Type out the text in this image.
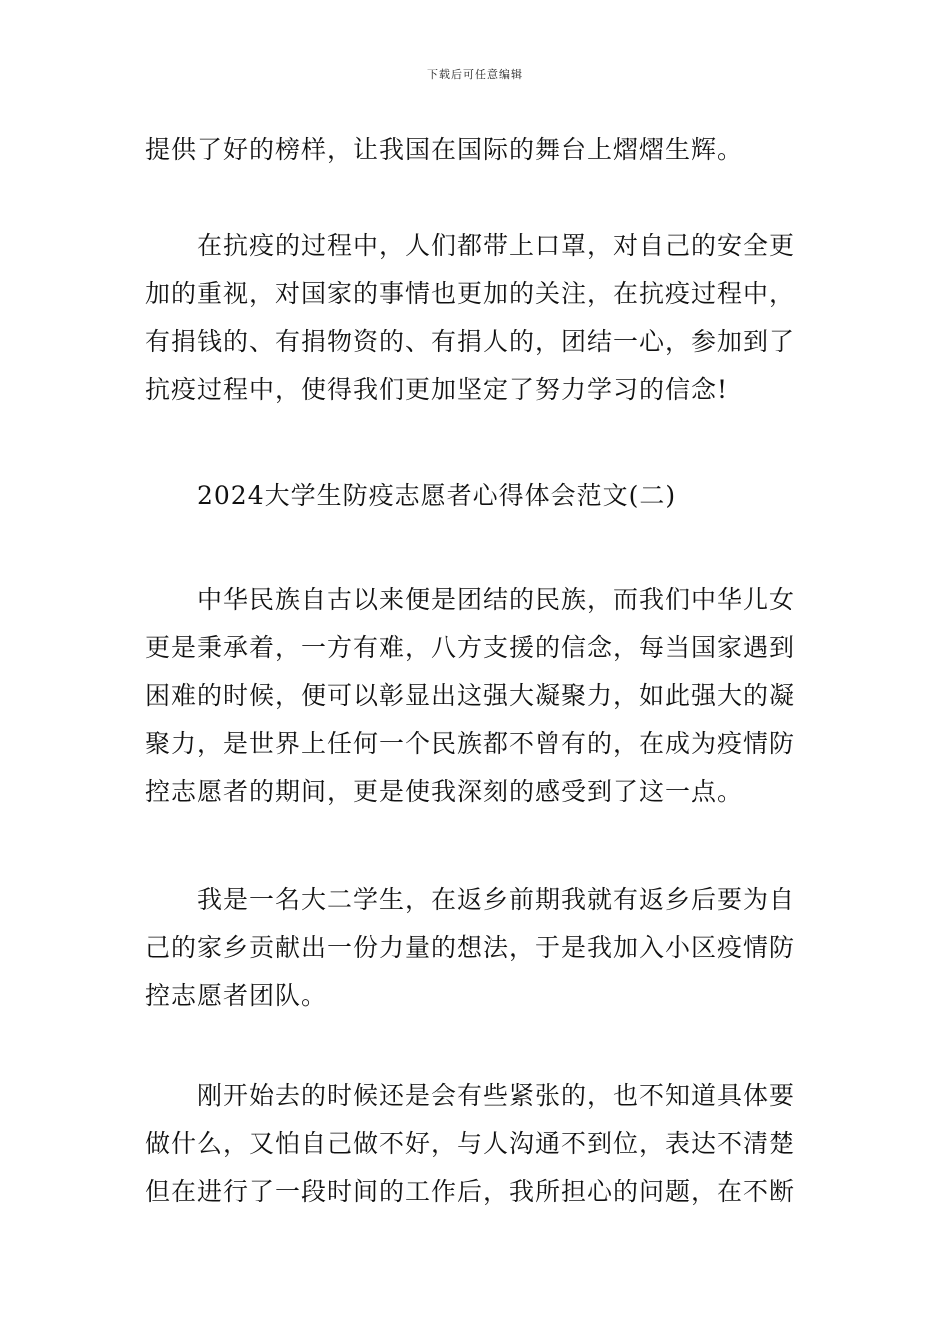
下载后可任意编辑

提供了好的榜样，让我国在国际的舞台上熠熠生辉。

在抗疫的过程中，人们都带上口罩，对自己的安全更加的重视，对国家的事情也更加的关注，在抗疫过程中，有捐钱的、有捐物资的、有捐人的，团结一心，参加到了抗疫过程中，使得我们更加坚定了努力学习的信念!

2024大学生防疫志愿者心得体会范文(二)

中华民族自古以来便是团结的民族，而我们中华儿女更是秉承着，一方有难，八方支援的信念，每当国家遇到困难的时候，便可以彰显出这强大凝聚力，如此强大的凝聚力，是世界上任何一个民族都不曾有的，在成为疫情防控志愿者的期间，更是使我深刻的感受到了这一点。

我是一名大二学生，在返乡前期我就有返乡后要为自己的家乡贡献出一份力量的想法，于是我加入小区疫情防控志愿者团队。

刚开始去的时候还是会有些紧张的，也不知道具体要做什么，又怕自己做不好，与人沟通不到位，表达不清楚但在进行了一段时间的工作后，我所担心的问题，在不断
